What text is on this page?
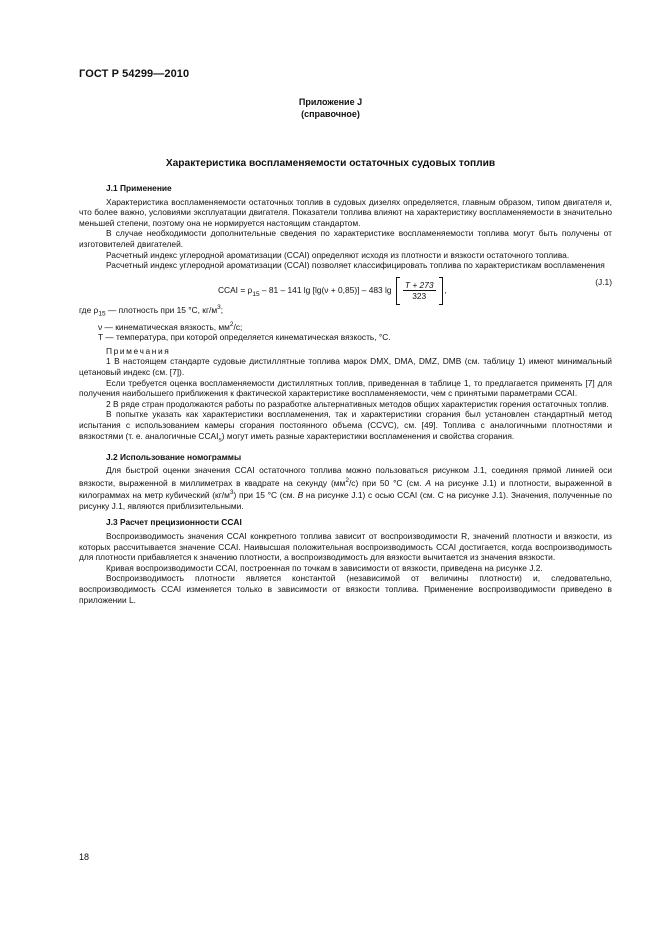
ГОСТ Р 54299—2010
Приложение J
(справочное)
Характеристика воспламеняемости остаточных судовых топлив

J.1 Применение

Характеристика воспламеняемости остаточных топлив в судовых дизелях определяется, главным образом, типом двигателя и, что более важно, условиями эксплуатации двигателя. Показатели топлива влияют на характеристику воспламеняемости в значительно меньшей степени, поэтому она не нормируется настоящим стандартом.

В случае необходимости дополнительные сведения по характеристике воспламеняемости топлива могут быть получены от изготовителей двигателей.

Расчетный индекс углеродной ароматизации (CCAI) определяют исходя из плотности и вязкости остаточного топлива.

Расчетный индекс углеродной ароматизации (CCAI) позволяет классифицировать топлива по характеристикам воспламенения

CCAI = $\rho_{15} - 81 - 141$ lg [lg(ν + 0,85)] – 483 $\lg \frac{T + 273}{323}$ ,
(J.1)

где $\rho_{15}$ — плотность при 15 °С, $кг/м^3$;

ν — кинематическая вязкость, $мм^2/с$;

T — температура, при которой определяется кинематическая вязкость, °С.

Примечания

1 В настоящем стандарте судовые дистиллятные топлива марок DMX, DMA, DMZ, DMB (см. таблицу 1) имеют минимальный цетановый индекс (см. [7]).

Если требуется оценка воспламеняемости дистиллятных топлив, приведенная в таблице 1, то предлагается применять [7] для получения наибольшего приближения к фактической характеристике воспламеняемости, чем с принятыми параметрами CCAI.

2 В ряде стран продолжаются работы по разработке альтернативных методов общих характеристик горения остаточных топлив.

В попытке указать как характеристики воспламенения, так и характеристики сгорания был установлен стандартный метод испытания с использованием камеры сгорания постоянного объема (CCVC), см. [49]. Топлива с аналогичными плотностями и вязкостями (т. е. аналогичные $CCAI_s$) могут иметь разные характеристики воспламенения и свойства сгорания.

J.2 Использование номограммы

Для быстрой оценки значения CCAI остаточного топлива можно пользоваться рисунком J.1, соединяя прямой линией оси вязкости, выраженной в миллиметрах в квадрате на секунду $(мм^2/с)$ при 50 °С (см. A на рисунке J.1) и плотности, выраженной в килограммах на метр кубический $(кг/м^3)$ при 15 °С (см. B на рисунке J.1) с осью CCAI (см. C на рисунке J.1). Значения, полученные по рисунку J.1, являются приблизительными.

J.3 Расчет прецизионности CCAI

Воспроизводимость значения CCAI конкретного топлива зависит от воспроизводимости R, значений плотности и вязкости, из которых рассчитывается значение CCAI. Наивысшая положительная воспроизводимость CCAI достигается, когда воспроизводимость для плотности прибавляется к значению плотности, а воспроизводимость для вязкости вычитается из значения вязкости.

Кривая воспроизводимости CCAI, построенная по точкам в зависимости от вязкости, приведена на рисунке J.2.

Воспроизводимость плотности является константой (независимой от величины плотности) и, следовательно, воспроизводимость CCAI изменяется только в зависимости от вязкости топлива. Применение воспроизводимости приведено в приложении L.

18
